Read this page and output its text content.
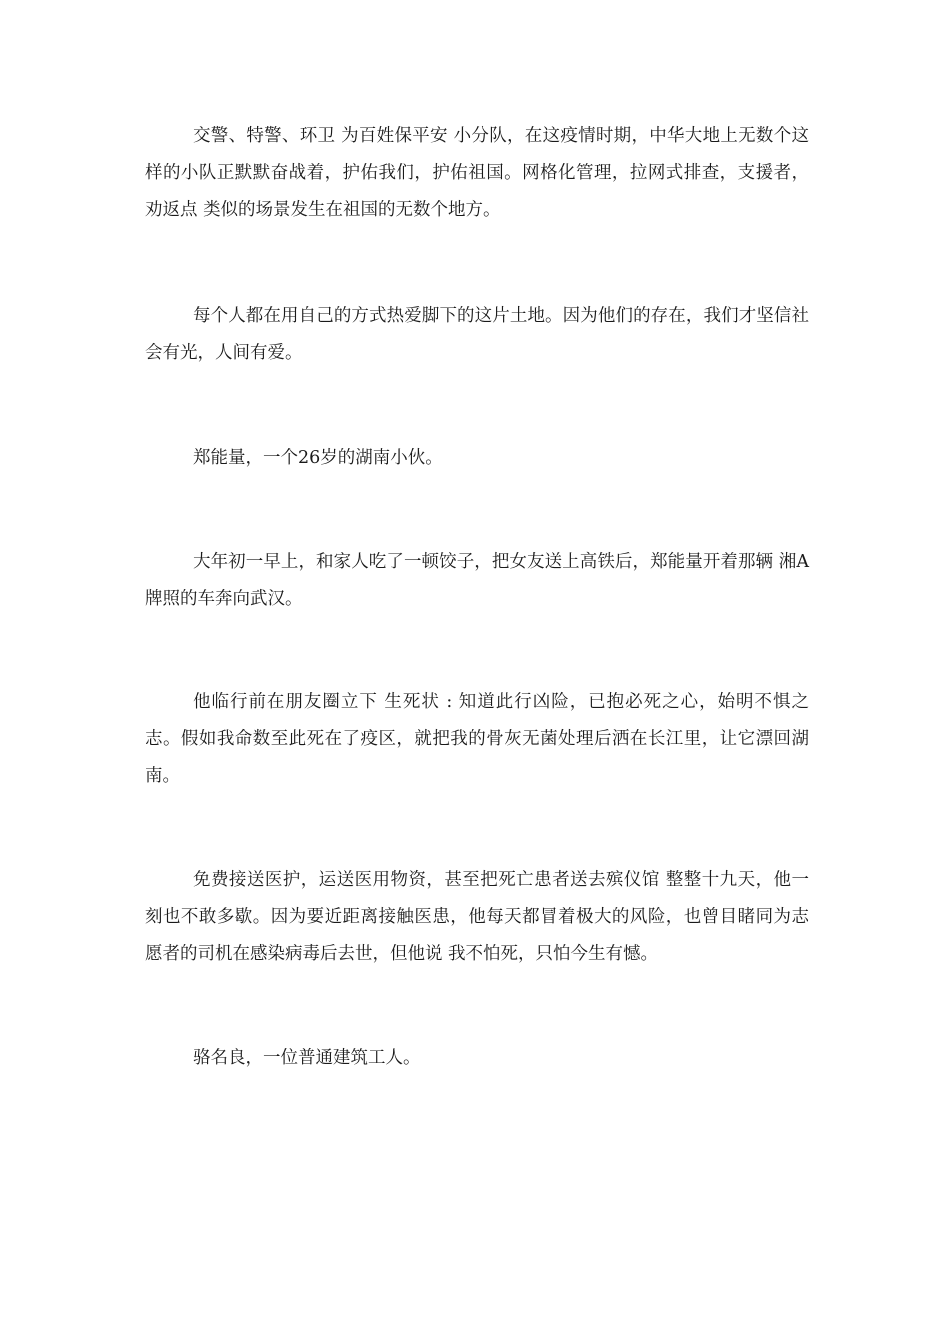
交警、特警、环卫 为百姓保平安 小分队，在这疫情时期，中华大地上无数个这样的小队正默默奋战着，护佑我们，护佑祖国。网格化管理，拉网式排查，支援者，劝返点 类似的场景发生在祖国的无数个地方。

每个人都在用自己的方式热爱脚下的这片土地。因为他们的存在，我们才坚信社会有光，人间有爱。

郑能量，一个26岁的湖南小伙。

大年初一早上，和家人吃了一顿饺子，把女友送上高铁后，郑能量开着那辆 湘A 牌照的车奔向武汉。

他临行前在朋友圈立下 生死状 : 知道此行凶险，已抱必死之心，始明不惧之志。假如我命数至此死在了疫区，就把我的骨灰无菌处理后洒在长江里，让它漂回湖南。

免费接送医护，运送医用物资，甚至把死亡患者送去殡仪馆 整整十九天，他一刻也不敢多歇。因为要近距离接触医患，他每天都冒着极大的风险，也曾目睹同为志愿者的司机在感染病毒后去世，但他说 我不怕死，只怕今生有憾。

骆名良，一位普通建筑工人。
